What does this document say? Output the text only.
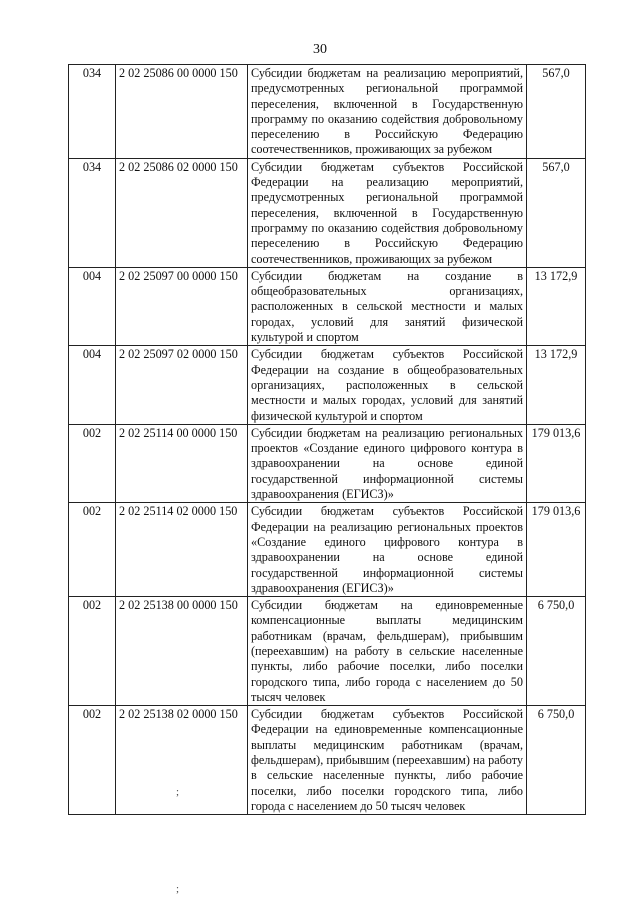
30
034	2 02 25086 00 0000 150	Субсидии бюджетам на реализацию мероприятий, предусмотренных региональной программой переселения, включенной в Государственную программу по оказанию содействия добровольному переселению в Российскую Федерацию соотечественников, проживающих за рубежом	567,0
034	2 02 25086 02 0000 150	Субсидии бюджетам субъектов Российской Федерации на реализацию мероприятий, предусмотренных региональной программой переселения, включенной в Государственную программу по оказанию содействия добровольному переселению в Российскую Федерацию соотечественников, проживающих за рубежом	567,0
004	2 02 25097 00 0000 150	Субсидии бюджетам на создание в общеобразовательных организациях, расположенных в сельской местности и малых городах, условий для занятий физической культурой и спортом	13 172,9
004	2 02 25097 02 0000 150	Субсидии бюджетам субъектов Российской Федерации на создание в общеобразовательных организациях, расположенных в сельской местности и малых городах, условий для занятий физической культурой и спортом	13 172,9
002	2 02 25114 00 0000 150	Субсидии бюджетам на реализацию региональных проектов «Создание единого цифрового контура в здравоохранении на основе единой государственной информационной системы здравоохранения (ЕГИСЗ)»	179 013,6
002	2 02 25114 02 0000 150	Субсидии бюджетам субъектов Российской Федерации на реализацию региональных проектов «Создание единого цифрового контура в здравоохранении на основе единой государственной информационной системы здравоохранения (ЕГИСЗ)»	179 013,6
002	2 02 25138 00 0000 150	Субсидии бюджетам на единовременные компенсационные выплаты медицинским работникам (врачам, фельдшерам), прибывшим (переехавшим) на работу в сельские населенные пункты, либо рабочие поселки, либо поселки городского типа, либо города с населением до 50 тысяч человек	6 750,0
002	2 02 25138 02 0000 150	Субсидии бюджетам субъектов Российской Федерации на единовременные компенсационные выплаты медицинским работникам (врачам, фельдшерам), прибывшим (переехавшим) на работу в сельские населенные пункты, либо рабочие поселки, либо поселки городского типа, либо города с населением до 50 тысяч человек	6 750,0
;
;
